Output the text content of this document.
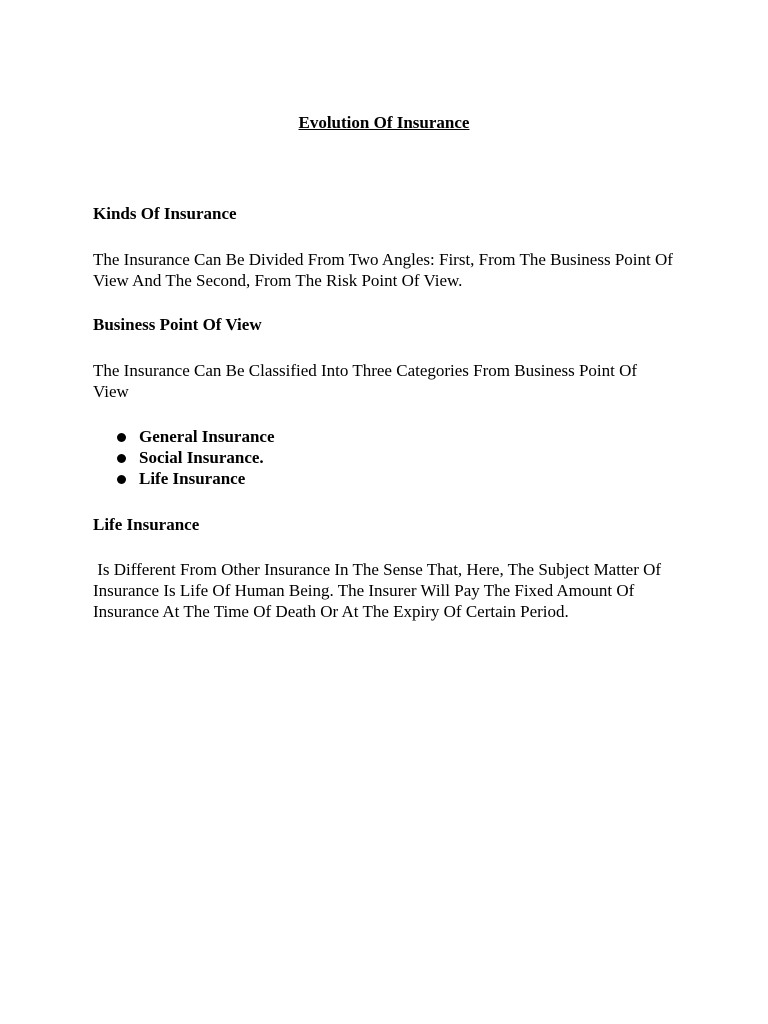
Evolution Of Insurance
Kinds Of Insurance

The Insurance Can Be Divided From Two Angles: First, From The Business Point Of View And The Second, From The Risk Point Of View.

Business Point Of View

The Insurance Can Be Classified Into Three Categories From Business Point Of View

General Insurance
Social Insurance.
Life Insurance
Life Insurance

Is Different From Other Insurance In The Sense That, Here, The Subject Matter Of Insurance Is Life Of Human Being. The Insurer Will Pay The Fixed Amount Of Insurance At The Time Of Death Or At The Expiry Of Certain Period.
